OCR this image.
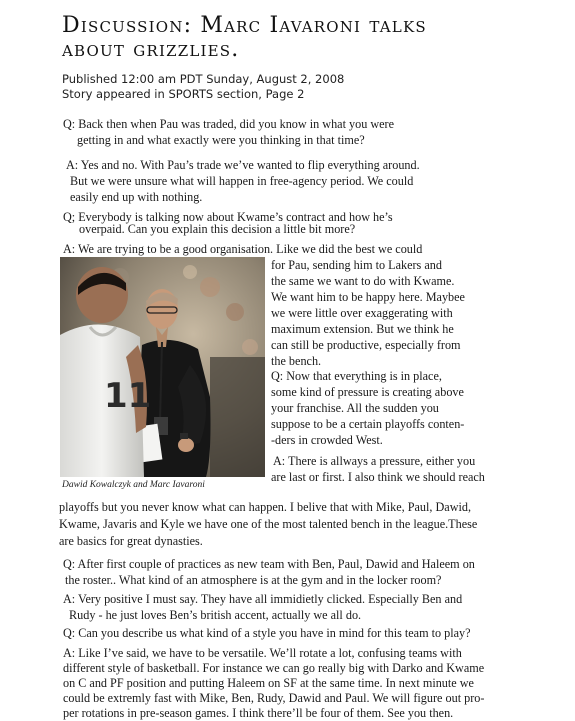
Discussion: Marc Iavaroni talks
about grizzlies.
Published 12:00 am PDT Sunday, August 2, 2008
Story appeared in SPORTS section, Page 2
Q: Back then when Pau was traded, did you know in what you were
getting in and what exactly were you thinking in that time?
A: Yes and no. With Pau’s trade we’ve wanted to flip everything around.
But we were unsure what will happen in free-agency period. We could
easily end up with nothing.
Q; Everybody is talking now about Kwame’s contract and how he’s
overpaid. Can you explain this decision a little bit more?
A: We are trying to be a good organisation. Like we did the best we could
for Pau, sending him to Lakers and
the same we want to do with Kwame.
We want him to be happy here. Maybee
we were little over exaggerating with
maximum extension. But we think he
can still be productive, especially from
the bench.
Q: Now that everything is in place,
some kind of pressure is creating above
your franchise. All the sudden you
suppose to be a certain playoffs conten-
-ders in crowded West.
A: There is allways a pressure, either you
are last or first. I also think we should reach
11
Dawid Kowalczyk and Marc Iavaroni
playoffs but you never know what can happen. I belive that with Mike, Paul, Dawid,
Kwame, Javaris and Kyle we have one of the most talented bench in the league.These
are basics for great dynasties.
Q: After first couple of practices as new team with Ben, Paul, Dawid and Haleem on
the roster.. What kind of an atmosphere is at the gym and in the locker room?
A: Very positive I must say. They have all immidietly clicked. Especially Ben and
Rudy - he just loves Ben’s british accent, actually we all do.
Q: Can you describe us what kind of a style you have in mind for this team to play?
A: Like I’ve said, we have to be versatile. We’ll rotate a lot, confusing teams with
different style of basketball. For instance we can go really big with Darko and Kwame
on C and PF position and putting Haleem on SF at the same time. In next minute we
could be extremly fast with Mike, Ben, Rudy, Dawid and Paul. We will figure out pro-
per rotations in pre-season games. I think there’ll be four of them. See you then.
